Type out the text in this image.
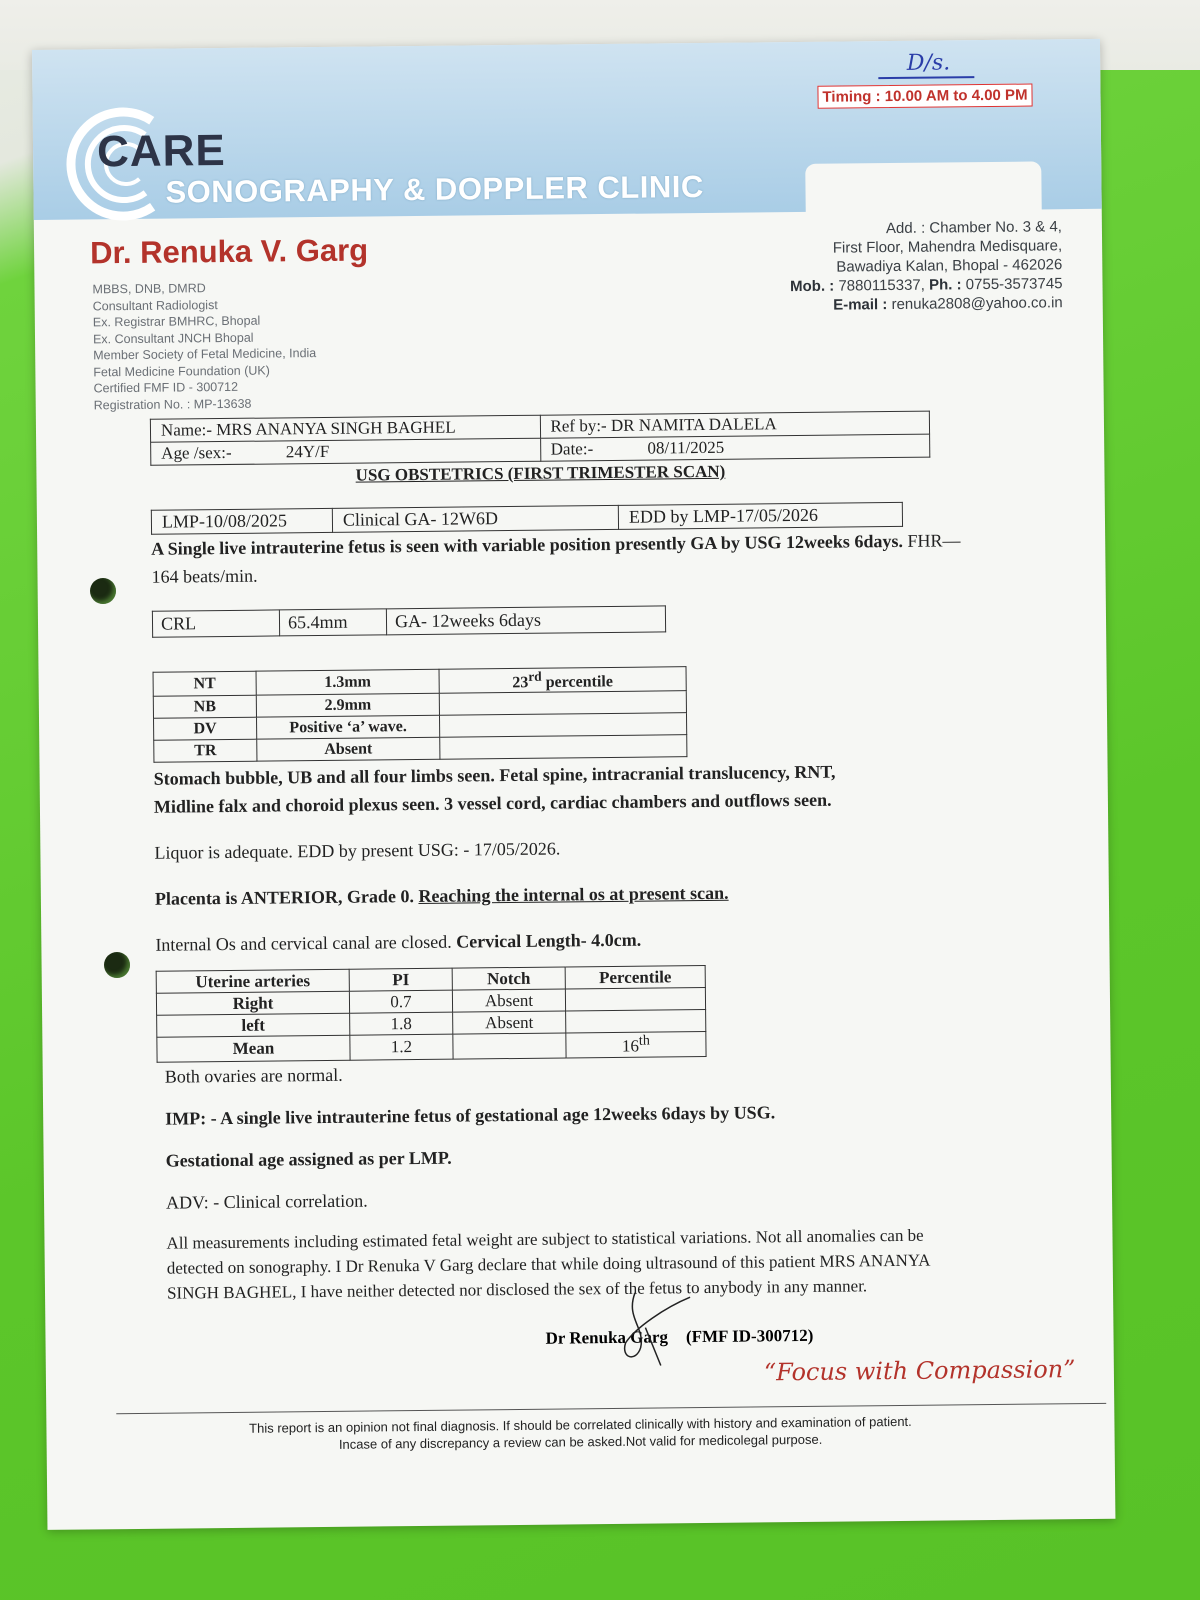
CARE
SONOGRAPHY & DOPPLER CLINIC
D/s.
Timing : 10.00 AM to 4.00 PM
Dr. Renuka V. Garg
MBBS, DNB, DMRD
Consultant Radiologist
Ex. Registrar BMHRC, Bhopal
Ex. Consultant JNCH Bhopal
Member Society of Fetal Medicine, India
Fetal Medicine Foundation (UK)
Certified FMF ID - 300712
Registration No. : MP-13638
Add. : Chamber No. 3 & 4,
First Floor, Mahendra Medisquare,
Bawadiya Kalan, Bhopal - 462026
Mob. : 7880115337, Ph. : 0755-3573745
E-mail : renuka2808@yahoo.co.in
Name:- MRS ANANYA SINGH BAGHEL	Ref by:- DR NAMITA DALELA
Age /sex:- 24Y/F	Date:- 08/11/2025
USG OBSTETRICS (FIRST TRIMESTER SCAN)
LMP-10/08/2025	Clinical GA- 12W6D	EDD by LMP-17/05/2026

A Single live intrauterine fetus is seen with variable position presently GA by USG 12weeks 6days. FHR—164 beats/min.

CRL	65.4mm	GA- 12weeks 6days
NT	1.3mm	23rd percentile
NB	2.9mm	
DV	Positive ‘a’ wave.	
TR	Absent	

Stomach bubble, UB and all four limbs seen. Fetal spine, intracranial translucency, RNT,

Midline falx and choroid plexus seen. 3 vessel cord, cardiac chambers and outflows seen.

Liquor is adequate. EDD by present USG: - 17/05/2026.

Placenta is ANTERIOR, Grade 0. Reaching the internal os at present scan.

Internal Os and cervical canal are closed. Cervical Length- 4.0cm.

Uterine arteries	PI	Notch	Percentile
Right	0.7	Absent	
left	1.8	Absent	
Mean	1.2		16th

Both ovaries are normal.

IMP: - A single live intrauterine fetus of gestational age 12weeks 6days by USG.

Gestational age assigned as per LMP.

ADV: - Clinical correlation.

All measurements including estimated fetal weight are subject to statistical variations. Not all anomalies can be detected on sonography. I Dr Renuka V Garg declare that while doing ultrasound of this patient MRS ANANYA SINGH BAGHEL, I have neither detected nor disclosed the sex of the fetus to anybody in any manner.

Dr Renuka Garg (FMF ID-300712)
“Focus with Compassion”
This report is an opinion not final diagnosis. If should be correlated clinically with history and examination of patient.
Incase of any discrepancy a review can be asked.Not valid for medicolegal purpose.
